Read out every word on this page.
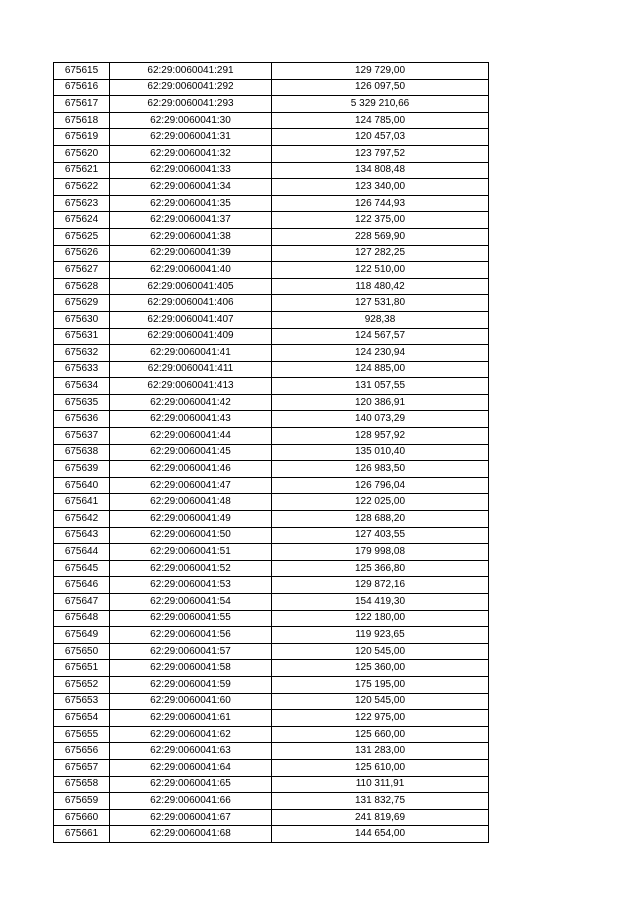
675615	62:29:0060041:291	129 729,00
675616	62:29:0060041:292	126 097,50
675617	62:29:0060041:293	5 329 210,66
675618	62:29:0060041:30	124 785,00
675619	62:29:0060041:31	120 457,03
675620	62:29:0060041:32	123 797,52
675621	62:29:0060041:33	134 808,48
675622	62:29:0060041:34	123 340,00
675623	62:29:0060041:35	126 744,93
675624	62:29:0060041:37	122 375,00
675625	62:29:0060041:38	228 569,90
675626	62:29:0060041:39	127 282,25
675627	62:29:0060041:40	122 510,00
675628	62:29:0060041:405	118 480,42
675629	62:29:0060041:406	127 531,80
675630	62:29:0060041:407	928,38
675631	62:29:0060041:409	124 567,57
675632	62:29:0060041:41	124 230,94
675633	62:29:0060041:411	124 885,00
675634	62:29:0060041:413	131 057,55
675635	62:29:0060041:42	120 386,91
675636	62:29:0060041:43	140 073,29
675637	62:29:0060041:44	128 957,92
675638	62:29:0060041:45	135 010,40
675639	62:29:0060041:46	126 983,50
675640	62:29:0060041:47	126 796,04
675641	62:29:0060041:48	122 025,00
675642	62:29:0060041:49	128 688,20
675643	62:29:0060041:50	127 403,55
675644	62:29:0060041:51	179 998,08
675645	62:29:0060041:52	125 366,80
675646	62:29:0060041:53	129 872,16
675647	62:29:0060041:54	154 419,30
675648	62:29:0060041:55	122 180,00
675649	62:29:0060041:56	119 923,65
675650	62:29:0060041:57	120 545,00
675651	62:29:0060041:58	125 360,00
675652	62:29:0060041:59	175 195,00
675653	62:29:0060041:60	120 545,00
675654	62:29:0060041:61	122 975,00
675655	62:29:0060041:62	125 660,00
675656	62:29:0060041:63	131 283,00
675657	62:29:0060041:64	125 610,00
675658	62:29:0060041:65	110 311,91
675659	62:29:0060041:66	131 832,75
675660	62:29:0060041:67	241 819,69
675661	62:29:0060041:68	144 654,00
